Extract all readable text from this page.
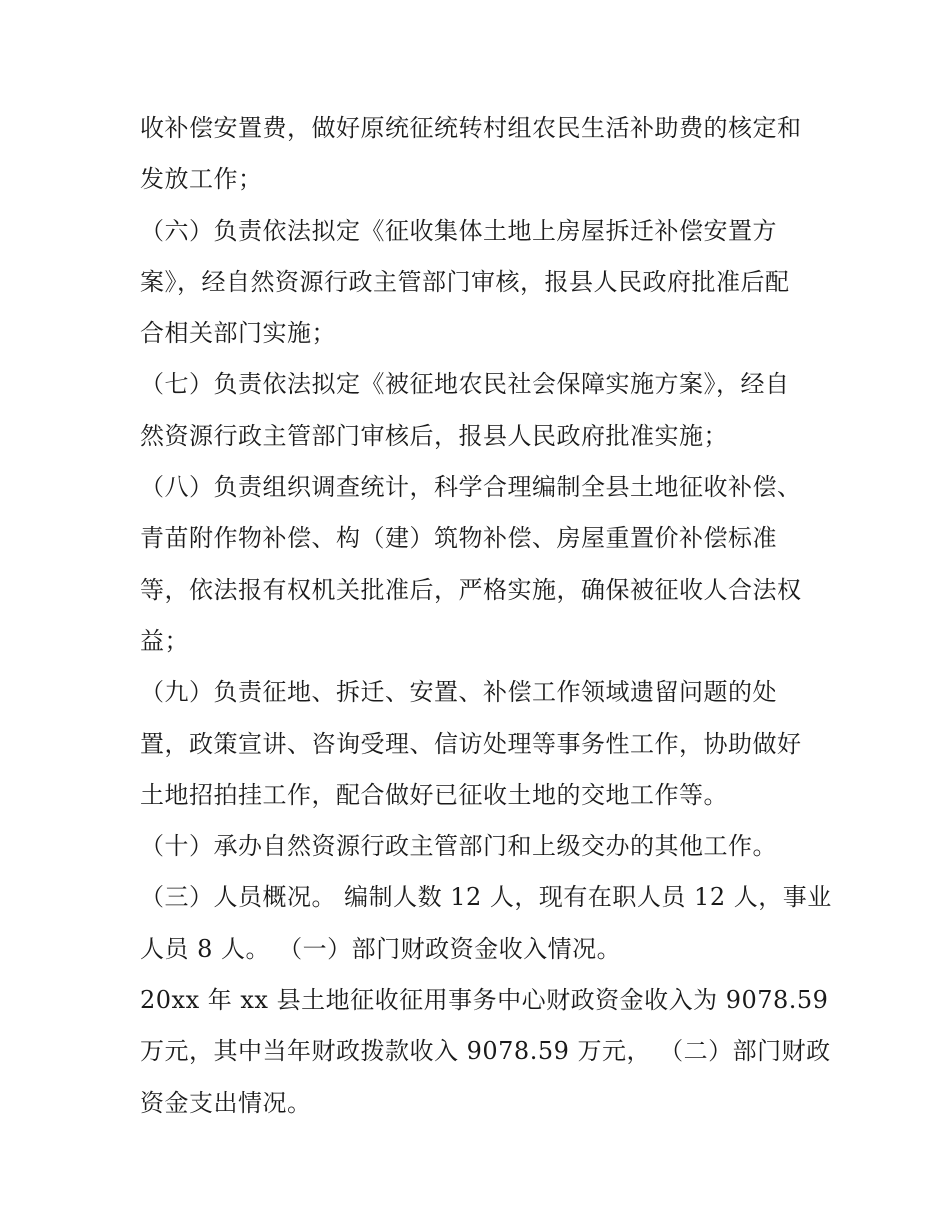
收补偿安置费，做好原统征统转村组农民生活补助费的核定和
发放工作；
（六）负责依法拟定《征收集体土地上房屋拆迁补偿安置方
案》，经自然资源行政主管部门审核，报县人民政府批准后配
合相关部门实施；
（七）负责依法拟定《被征地农民社会保障实施方案》，经自
然资源行政主管部门审核后，报县人民政府批准实施；
（八）负责组织调查统计，科学合理编制全县土地征收补偿、
青苗附作物补偿、构（建）筑物补偿、房屋重置价补偿标准
等，依法报有权机关批准后，严格实施，确保被征收人合法权
益；
（九）负责征地、拆迁、安置、补偿工作领域遗留问题的处
置，政策宣讲、咨询受理、信访处理等事务性工作，协助做好
土地招拍挂工作，配合做好已征收土地的交地工作等。
（十）承办自然资源行政主管部门和上级交办的其他工作。
（三）人员概况。 编制人数 12 人，现有在职人员 12 人，事业
人员 8 人。 （一）部门财政资金收入情况。
20xx 年 xx 县土地征收征用事务中心财政资金收入为 9078.59
万元，其中当年财政拨款收入 9078.59 万元， （二）部门财政
资金支出情况。
